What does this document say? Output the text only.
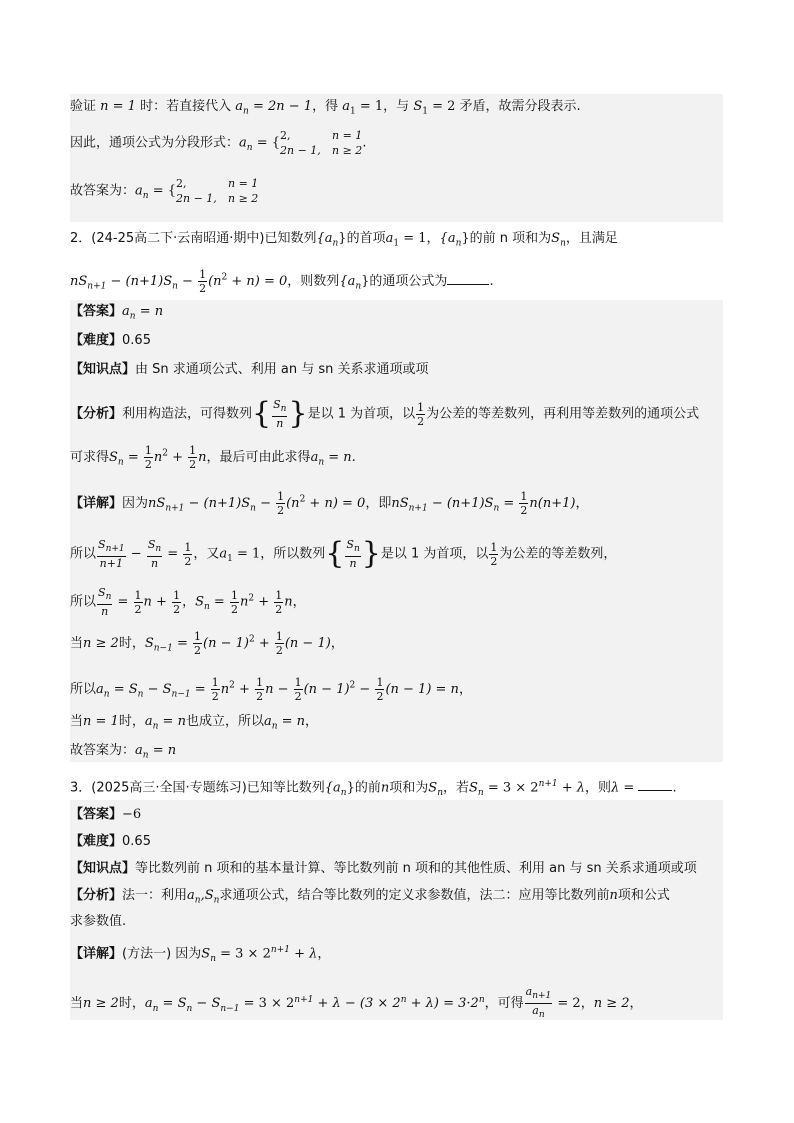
验证 n = 1 时：若直接代入 $a_n = 2n - 1$，得 $a_1 = 1$，与 $S_1 = 2$ 矛盾，故需分段表示.
因此，通项公式为分段形式：$a_n$ = { 2,	n = 1
2n − 1, n ≥ 2 .
故答案为：$a_n$ = { 2,	n = 1
2n − 1, n ≥ 2
2．(24-25高二下·云南昭通·期中)已知数列$\{a_n\}$的首项$a_1 = 1$，$\{a_n\}$的前 n 项和为$S_n$，且满足
$nS_{n+1} - (n+1)S_n - \frac{1}{2} (n^2 + n) = 0$，则数列$\{a_n\}$的通项公式为	.
【答案】$a_n = n$
【难度】0.65
【知识点】由 Sn 求通项公式、利用 an 与 sn 关系求通项或项
【分析】利用构造法，可得数列{ $\frac{S_n}{n}$ }是以 1 为首项，以 $\frac{1}{2}$ 为公差的等差数列，再利用等差数列的通项公式
可求得$S_n = \frac{1}{2} n^2 + \frac{1}{2}$ n，最后可由此求得$a_n = n$.
【详解】因为$nS_{n+1} - (n+1)S_n - \frac{1}{2} (n^2 + n) = 0$，即$nS_{n+1} - (n+1)S_n = \frac{1}{2} n(n+1)$，
所以 $\frac{S_{n+1}}{n+1} - \frac{S_n}{n} = \frac{1}{2}$ ，又$a_1 = 1$，所以数列{ $\frac{S_n}{n}$ }是以 1 为首项，以 $\frac{1}{2}$ 为公差的等差数列，
所以 $\frac{S_n}{n} = \frac{1}{2}$ $n + \frac{1}{2}$ ，$S_n = \frac{1}{2} n^2 + \frac{1}{2}$ n，
当n ≥ 2时，$S_{n-1} = \frac{1}{2} (n - 1)^2 + \frac{1}{2} (n - 1)$，
所以$a_n = S_n - S_{n-1} = \frac{1}{2} n^2 + \frac{1}{2}$ $n - \frac{1}{2} (n - 1)^2 - \frac{1}{2} (n - 1) = n$，
当n = 1时，$a_n = n$也成立，所以$a_n = n$，
故答案为：$a_n = n$
3．(2025高三·全国·专题练习)已知等比数列$\{a_n\}$的前n项和为$S_n$，若$S_n = 3 \times 2^{n+1} + \lambda$，则λ =	.
【答案】−6
【难度】0.65
【知识点】等比数列前 n 项和的基本量计算、等比数列前 n 项和的其他性质、利用 an 与 sn 关系求通项或项
【分析】法一：利用$a_n,S_n$求通项公式，结合等比数列的定义求参数值，法二：应用等比数列前n项和公式
求参数值.
【详解】(方法一) 因为$S_n = 3 \times 2^{n+1} + \lambda$，
当n ≥ 2时，$a_n = S_n - S_{n-1} = 3 \times 2^{n+1} + \lambda - (3 \times 2^n + \lambda) = 3\cdot 2^n$，可得 $\frac{a_{n+1}}{a_n} = 2$，n ≥ 2，
